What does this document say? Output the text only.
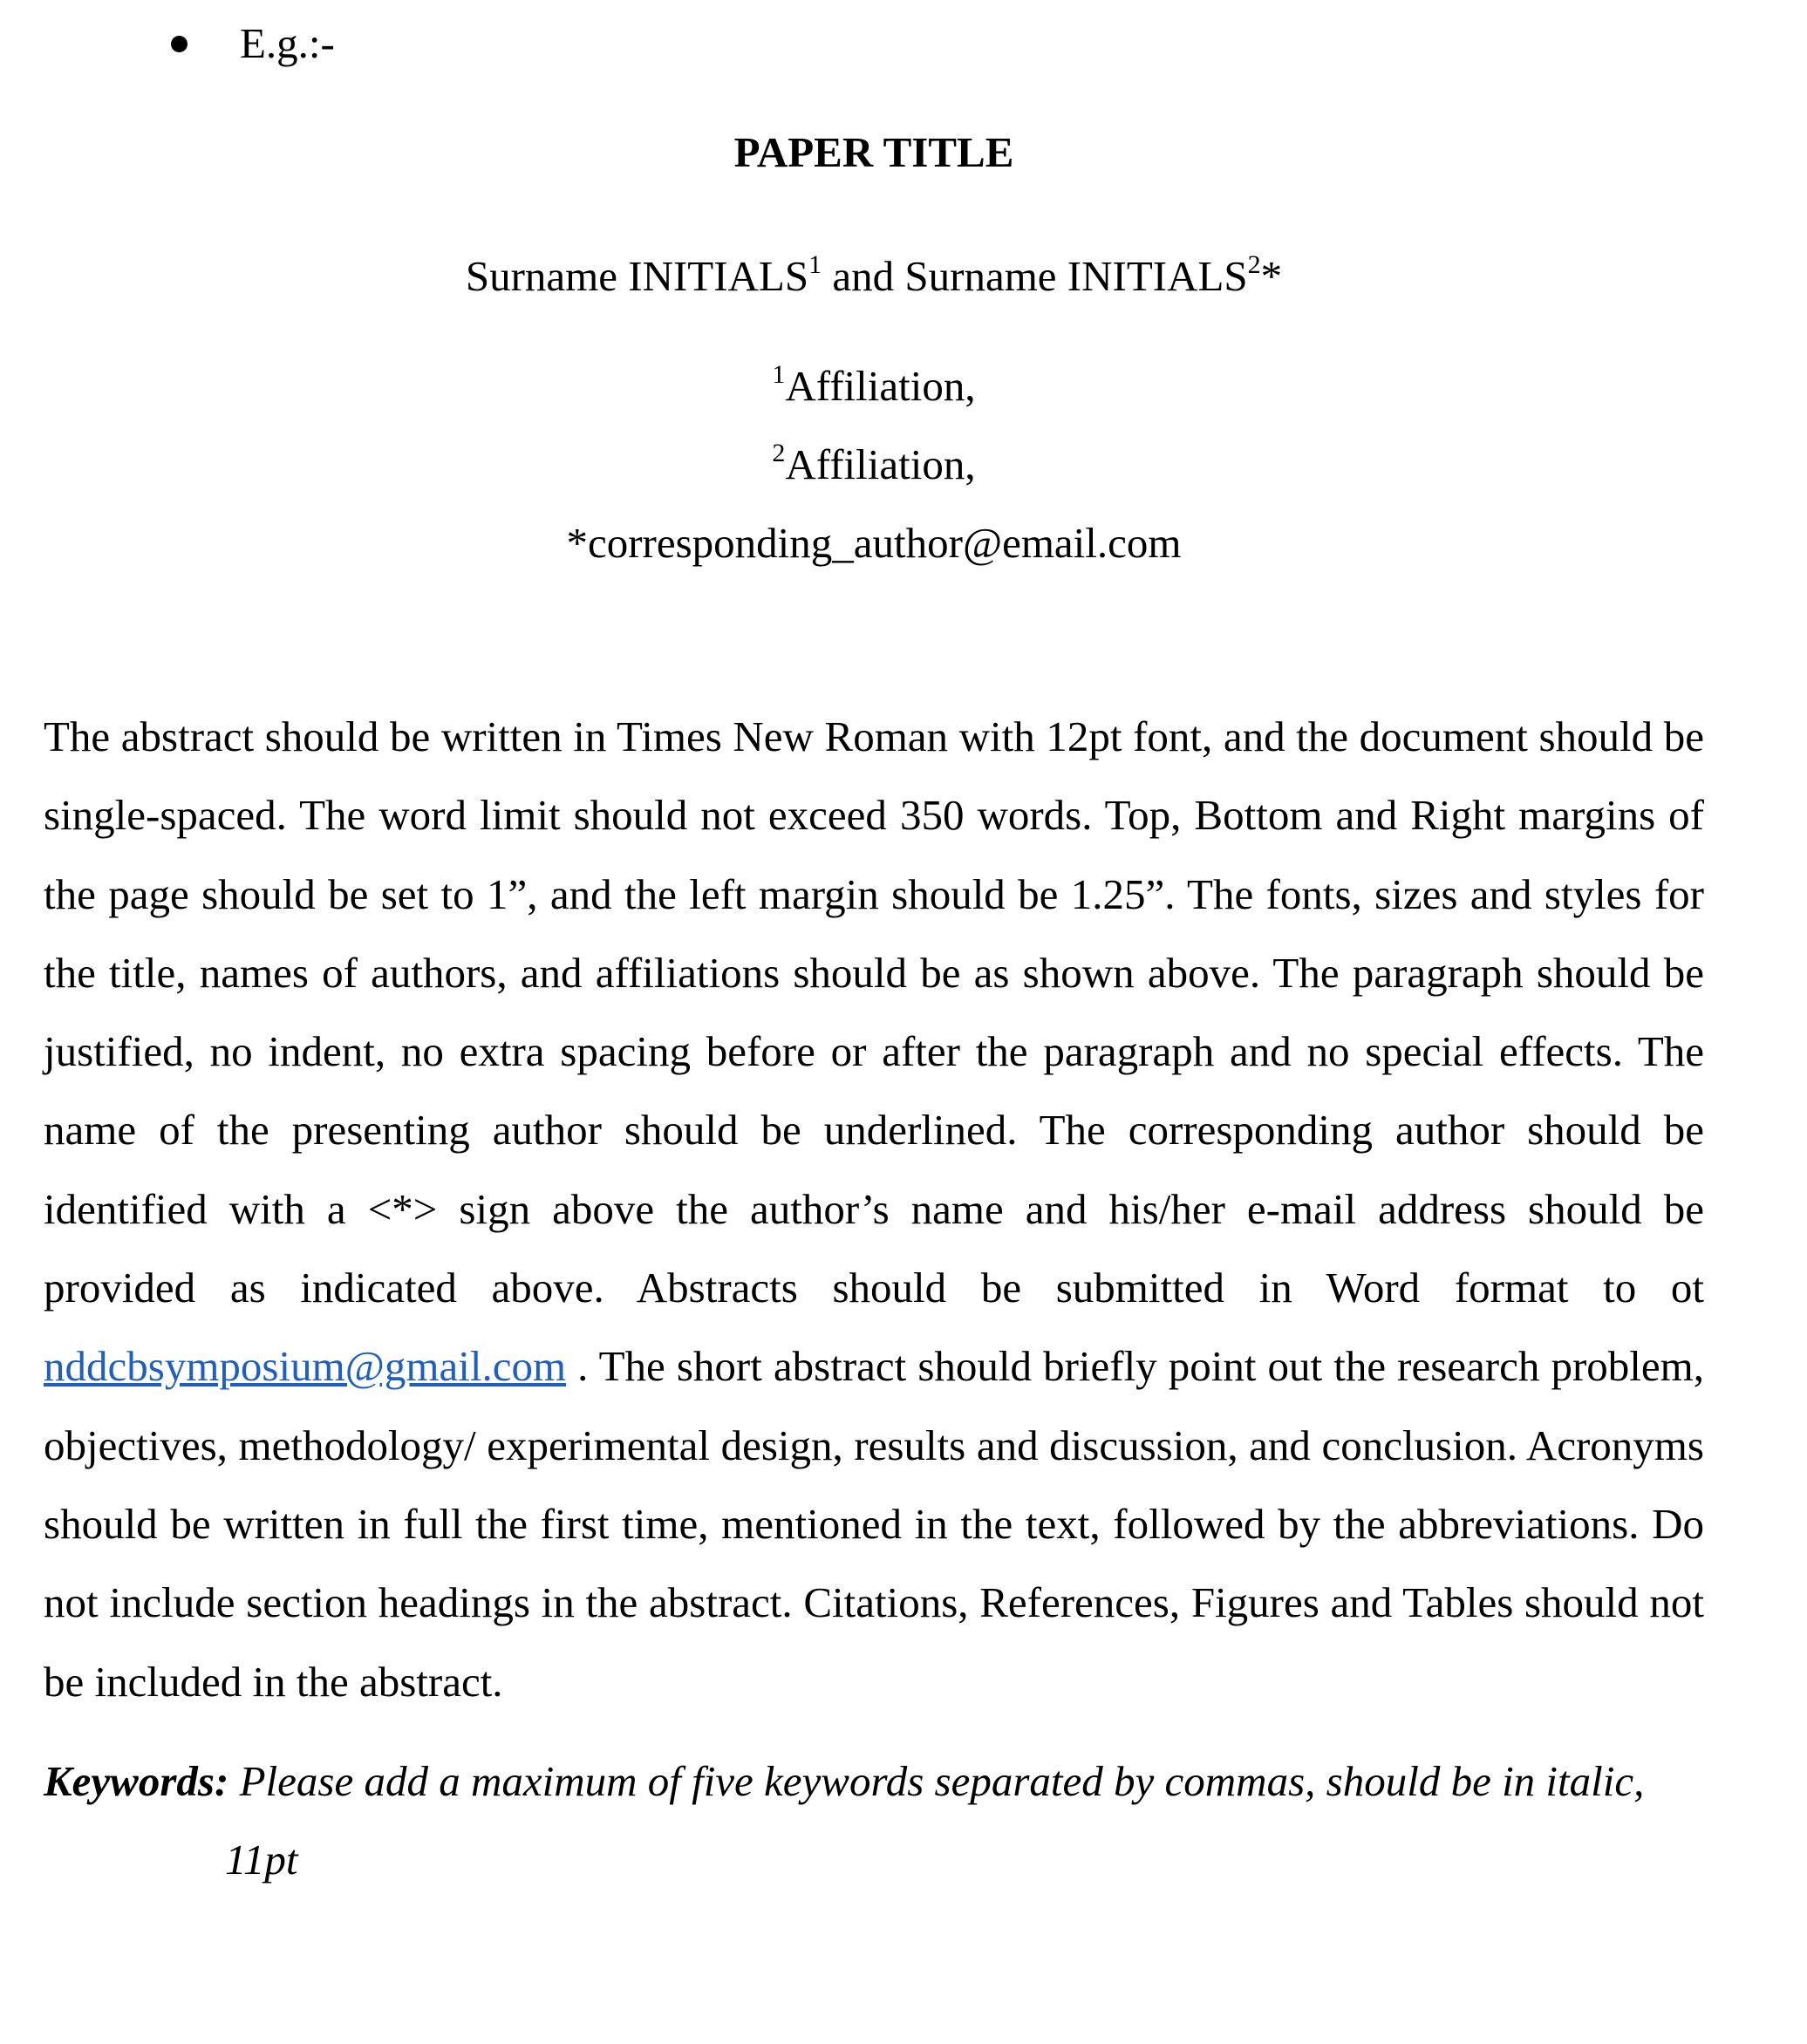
E.g.:-
PAPER TITLE
Surname INITIALS$^1$ and Surname INITIALS$^2$*
$^1$Affiliation,
$^2$Affiliation,
*corresponding_author@email.com

The abstract should be written in Times New Roman with 12pt font, and the document should be single-spaced. The word limit should not exceed 350 words. Top, Bottom and Right margins of the page should be set to 1”, and the left margin should be 1.25”. The fonts, sizes and styles for the title, names of authors, and affiliations should be as shown above. The paragraph should be justified, no indent, no extra spacing before or after the paragraph and no special effects. The name of the presenting author should be underlined. The corresponding author should be identified with a <*> sign above the author’s name and his/her e-mail address should be provided as indicated above. Abstracts should be submitted in Word format to ot nddcbsymposium@gmail.com . The short abstract should briefly point out the research problem, objectives, methodology/ experimental design, results and discussion, and conclusion. Acronyms should be written in full the first time, mentioned in the text, followed by the abbreviations. Do not include section headings in the abstract. Citations, References, Figures and Tables should not be included in the abstract.

Keywords: Please add a maximum of five keywords separated by commas, should be in italic,
11pt
